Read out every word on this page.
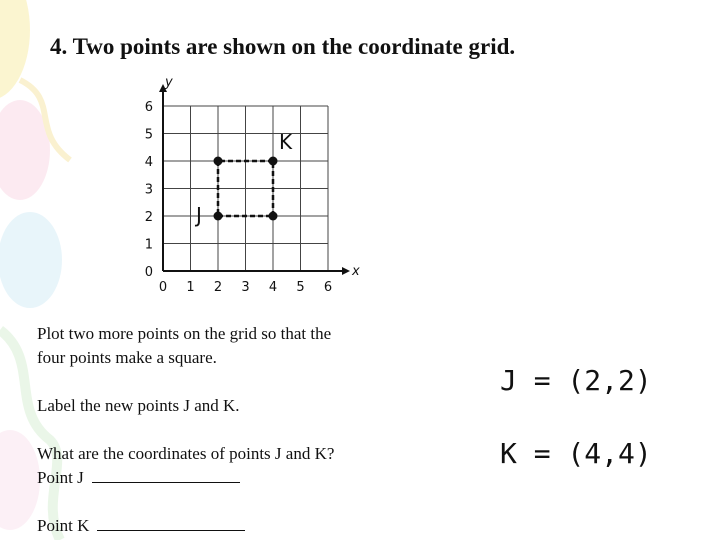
4. Two points are shown on the coordinate grid.
0 1 2 3 4 5 6
0
1
2
3
4
5
6
x
y
J
K
Plot two more points on the grid so that the
four points make a square.
Label the new points J and K.
What are the coordinates of points J and K?
Point J
Point K
J = (2,2)
K = (4,4)
